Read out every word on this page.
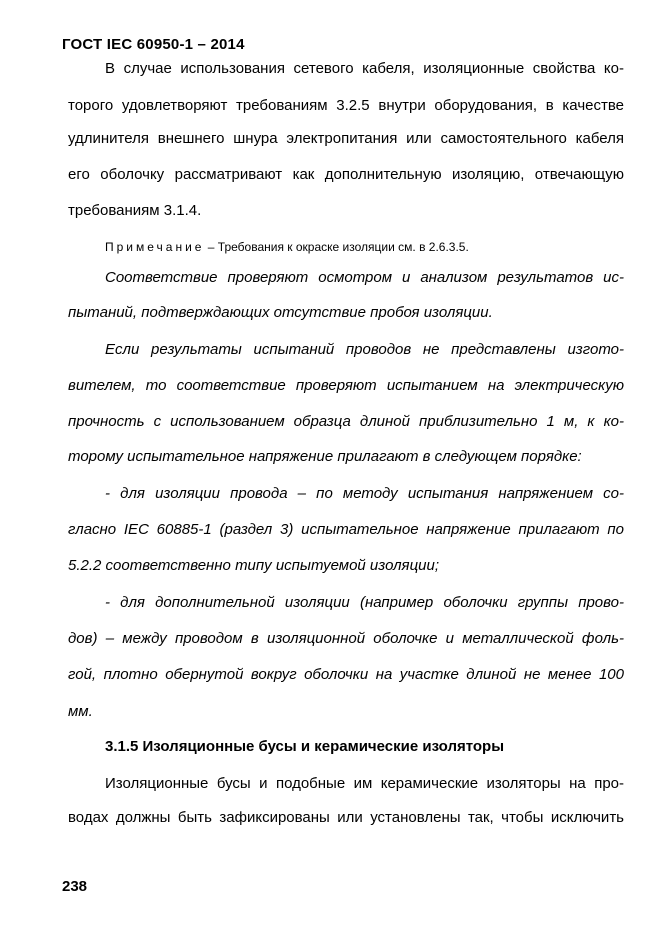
ГОСТ IEC 60950-1 – 2014
В случае использования сетевого кабеля, изоляционные свойства ко-
торого удовлетворяют требованиям 3.2.5 внутри оборудования, в качестве
удлинителя внешнего шнура электропитания или самостоятельного кабеля
его оболочку рассматривают как дополнительную изоляцию, отвечающую
требованиям 3.1.4.
Примечание – Требования к окраске изоляции см. в 2.6.3.5.
Соответствие проверяют осмотром и анализом результатов ис-
пытаний, подтверждающих отсутствие пробоя изоляции.
Если результаты испытаний проводов не представлены изгото-
вителем, то соответствие проверяют испытанием на электрическую
прочность с использованием образца длиной приблизительно 1 м, к ко-
торому испытательное напряжение прилагают в следующем порядке:
- для изоляции провода – по методу испытания напряжением со-
гласно IEC 60885-1 (раздел 3) испытательное напряжение прилагают по
5.2.2 соответственно типу испытуемой изоляции;
- для дополнительной изоляции (например оболочки группы прово-
дов) – между проводом в изоляционной оболочке и металлической фоль-
гой, плотно обернутой вокруг оболочки на участке длиной не менее 100
мм.
3.1.5 Изоляционные бусы и керамические изоляторы
Изоляционные бусы и подобные им керамические изоляторы на про-
водах должны быть зафиксированы или установлены так, чтобы исключить
238
